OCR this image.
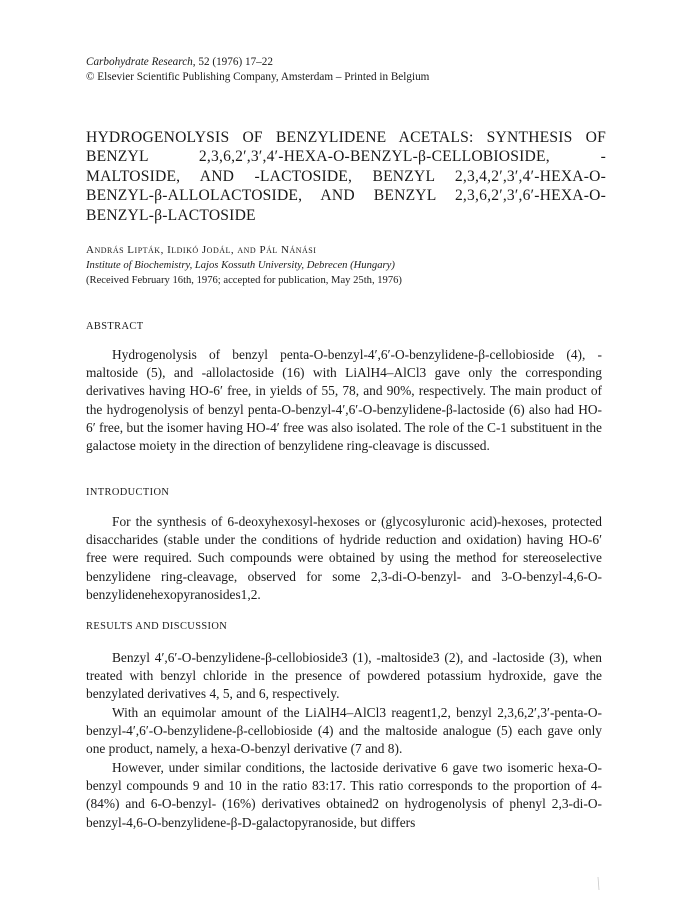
Carbohydrate Research, 52 (1976) 17–22
© Elsevier Scientific Publishing Company, Amsterdam – Printed in Belgium
HYDROGENOLYSIS OF BENZYLIDENE ACETALS: SYNTHESIS OF BENZYL 2,3,6,2′,3′,4′-HEXA-O-BENZYL-β-CELLOBIOSIDE, -MALTOSIDE, AND -LACTOSIDE, BENZYL 2,3,4,2′,3′,4′-HEXA-O-BENZYL-β-ALLOLACTOSIDE, AND BENZYL 2,3,6,2′,3′,6′-HEXA-O-BENZYL-β-LACTOSIDE
András Lipták, Ildikó Jodál, and Pál Nánási
Institute of Biochemistry, Lajos Kossuth University, Debrecen (Hungary)
(Received February 16th, 1976; accepted for publication, May 25th, 1976)
ABSTRACT

Hydrogenolysis of benzyl penta-O-benzyl-4′,6′-O-benzylidene-β-cellobioside (4), -maltoside (5), and -allolactoside (16) with LiAlH4–AlCl3 gave only the corresponding derivatives having HO-6′ free, in yields of 55, 78, and 90%, respectively. The main product of the hydrogenolysis of benzyl penta-O-benzyl-4′,6′-O-benzylidene-β-lactoside (6) also had HO-6′ free, but the isomer having HO-4′ free was also isolated. The role of the C-1 substituent in the galactose moiety in the direction of benzylidene ring-cleavage is discussed.

INTRODUCTION

For the synthesis of 6-deoxyhexosyl-hexoses or (glycosyluronic acid)-hexoses, protected disaccharides (stable under the conditions of hydride reduction and oxidation) having HO-6′ free were required. Such compounds were obtained by using the method for stereoselective benzylidene ring-cleavage, observed for some 2,3-di-O-benzyl- and 3-O-benzyl-4,6-O-benzylidenehexopyranosides1,2.

RESULTS AND DISCUSSION

Benzyl 4′,6′-O-benzylidene-β-cellobioside3 (1), -maltoside3 (2), and -lactoside (3), when treated with benzyl chloride in the presence of powdered potassium hydroxide, gave the benzylated derivatives 4, 5, and 6, respectively.

With an equimolar amount of the LiAlH4–AlCl3 reagent1,2, benzyl 2,3,6,2′,3′-penta-O-benzyl-4′,6′-O-benzylidene-β-cellobioside (4) and the maltoside analogue (5) each gave only one product, namely, a hexa-O-benzyl derivative (7 and 8).

However, under similar conditions, the lactoside derivative 6 gave two isomeric hexa-O-benzyl compounds 9 and 10 in the ratio 83:17. This ratio corresponds to the proportion of 4- (84%) and 6-O-benzyl- (16%) derivatives obtained2 on hydrogenolysis of phenyl 2,3-di-O-benzyl-4,6-O-benzylidene-β-D-galactopyranoside, but differs
